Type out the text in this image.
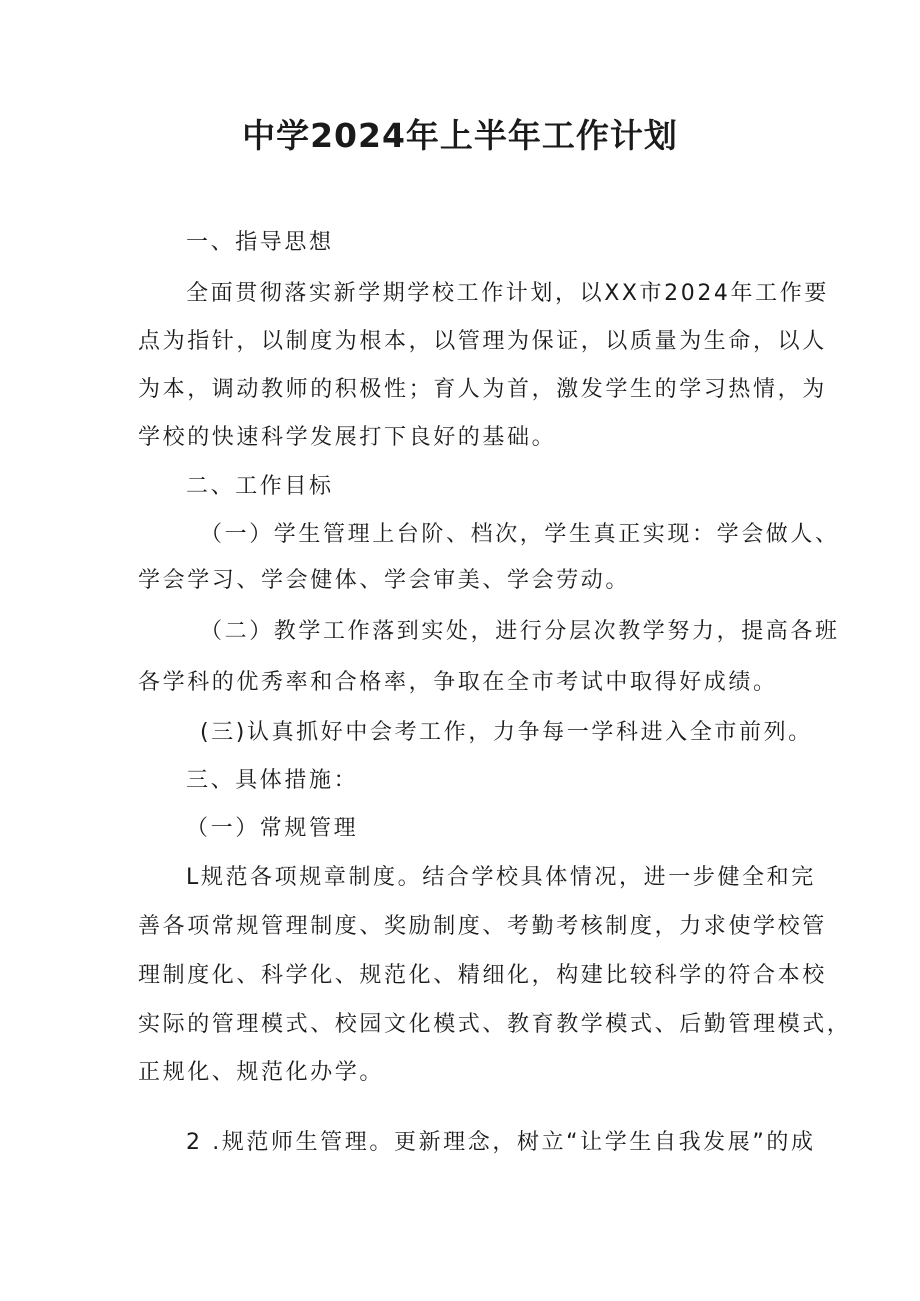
中学2024年上半年工作计划

一、指导思想

全面贯彻落实新学期学校工作计划，以XX市2024年工作要

点为指针，以制度为根本，以管理为保证，以质量为生命，以人

为本，调动教师的积极性；育人为首，激发学生的学习热情，为

学校的快速科学发展打下良好的基础。

二、工作目标

（一）学生管理上台阶、档次，学生真正实现：学会做人、

学会学习、学会健体、学会审美、学会劳动。

（二）教学工作落到实处，进行分层次教学努力，提高各班

各学科的优秀率和合格率，争取在全市考试中取得好成绩。

(三)认真抓好中会考工作，力争每一学科进入全市前列。

三、具体措施：

（一）常规管理

L规范各项规章制度。结合学校具体情况，进一步健全和完

善各项常规管理制度、奖励制度、考勤考核制度，力求使学校管

理制度化、科学化、规范化、精细化，构建比较科学的符合本校

实际的管理模式、校园文化模式、教育教学模式、后勤管理模式，

正规化、规范化办学。

2 .规范师生管理。更新理念，树立“让学生自我发展”的成
